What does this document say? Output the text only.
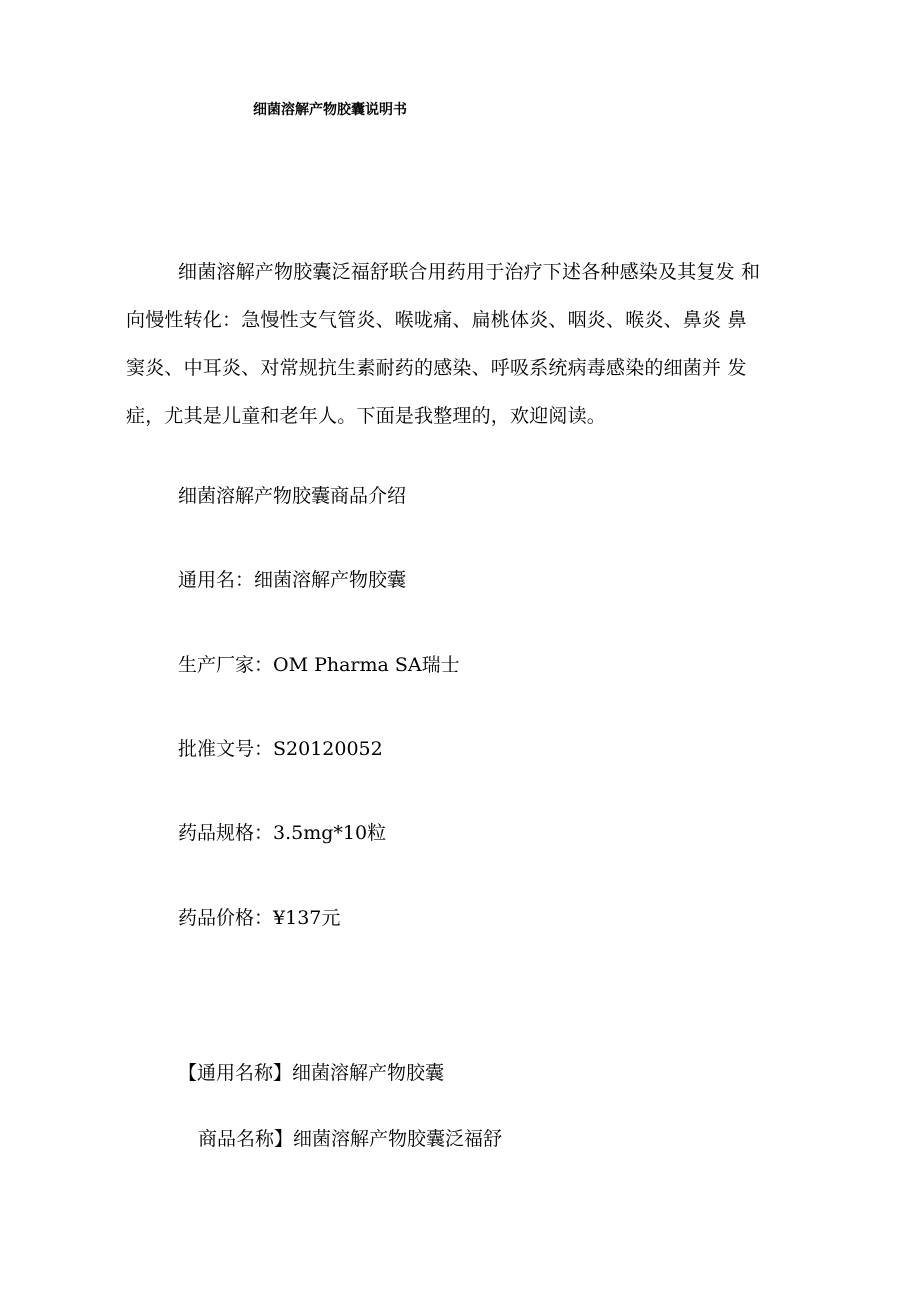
细菌溶解产物胶囊说明书
细菌溶解产物胶囊泛福舒联合用药用于治疗下述各种感染及其复发 和
向慢性转化：急慢性支气管炎、喉咙痛、扁桃体炎、咽炎、喉炎、鼻炎 鼻
窦炎、中耳炎、对常规抗生素耐药的感染、呼吸系统病毒感染的细菌并 发
症，尤其是儿童和老年人。下面是我整理的，欢迎阅读。
细菌溶解产物胶囊商品介绍
通用名：细菌溶解产物胶囊
生产厂家：OM Pharma SA瑞士
批准文号：S20120052
药品规格：3.5mg*10粒
药品价格：¥137元
【通用名称】细菌溶解产物胶囊
商品名称】细菌溶解产物胶囊泛福舒
